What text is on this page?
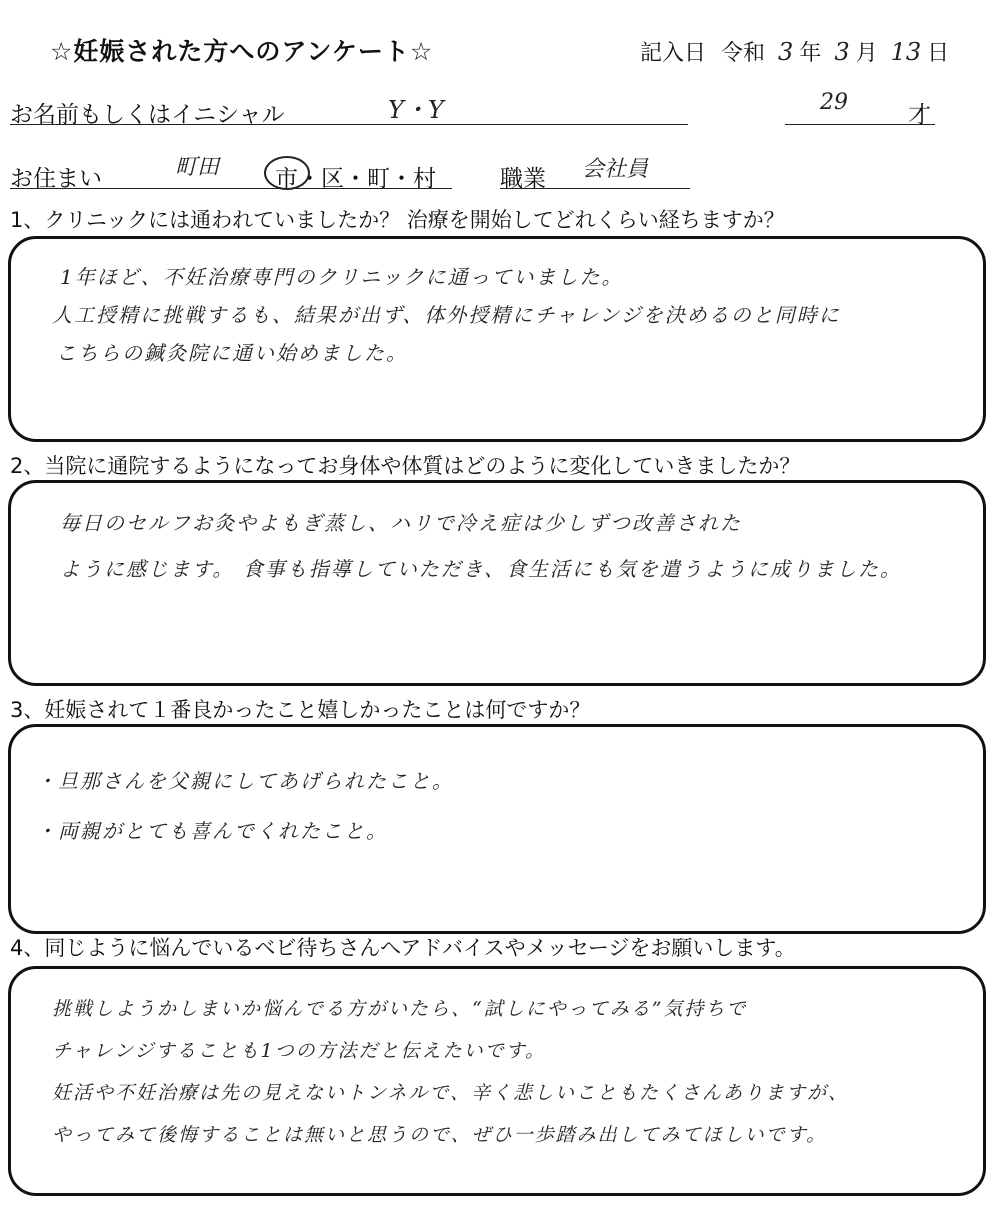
☆妊娠された方へのアンケート☆	記入日 令和 3 年 3 月 13 日
お名前もしくはイニシャル	Y・Y	29	才
お住まい	町田 市・区・町・村	職業 会社員
1、クリニックには通われていましたか？ 治療を開始してどれくらい経ちますか？
1年ほど、不妊治療専門のクリニックに通っていました。
人工授精に挑戦するも、結果が出ず、体外授精にチャレンジを決めるのと同時に
こちらの鍼灸院に通い始めました。
2、当院に通院するようになってお身体や体質はどのように変化していきましたか？
毎日のセルフお灸やよもぎ蒸し、ハリで冷え症は少しずつ改善された
ように感じます。 食事も指導していただき、食生活にも気を遣うように成りました。
3、妊娠されて１番良かったこと嬉しかったことは何ですか？
・旦那さんを父親にしてあげられたこと。
・両親がとても喜んでくれたこと。
4、同じように悩んでいるベビ待ちさんへアドバイスやメッセージをお願いします。
挑戦しようかしまいか悩んでる方がいたら、“試しにやってみる”気持ちで
チャレンジすることも1つの方法だと伝えたいです。
妊活や不妊治療は先の見えないトンネルで、辛く悲しいこともたくさんありますが、
やってみて後悔することは無いと思うので、ぜひ一歩踏み出してみてほしいです。
